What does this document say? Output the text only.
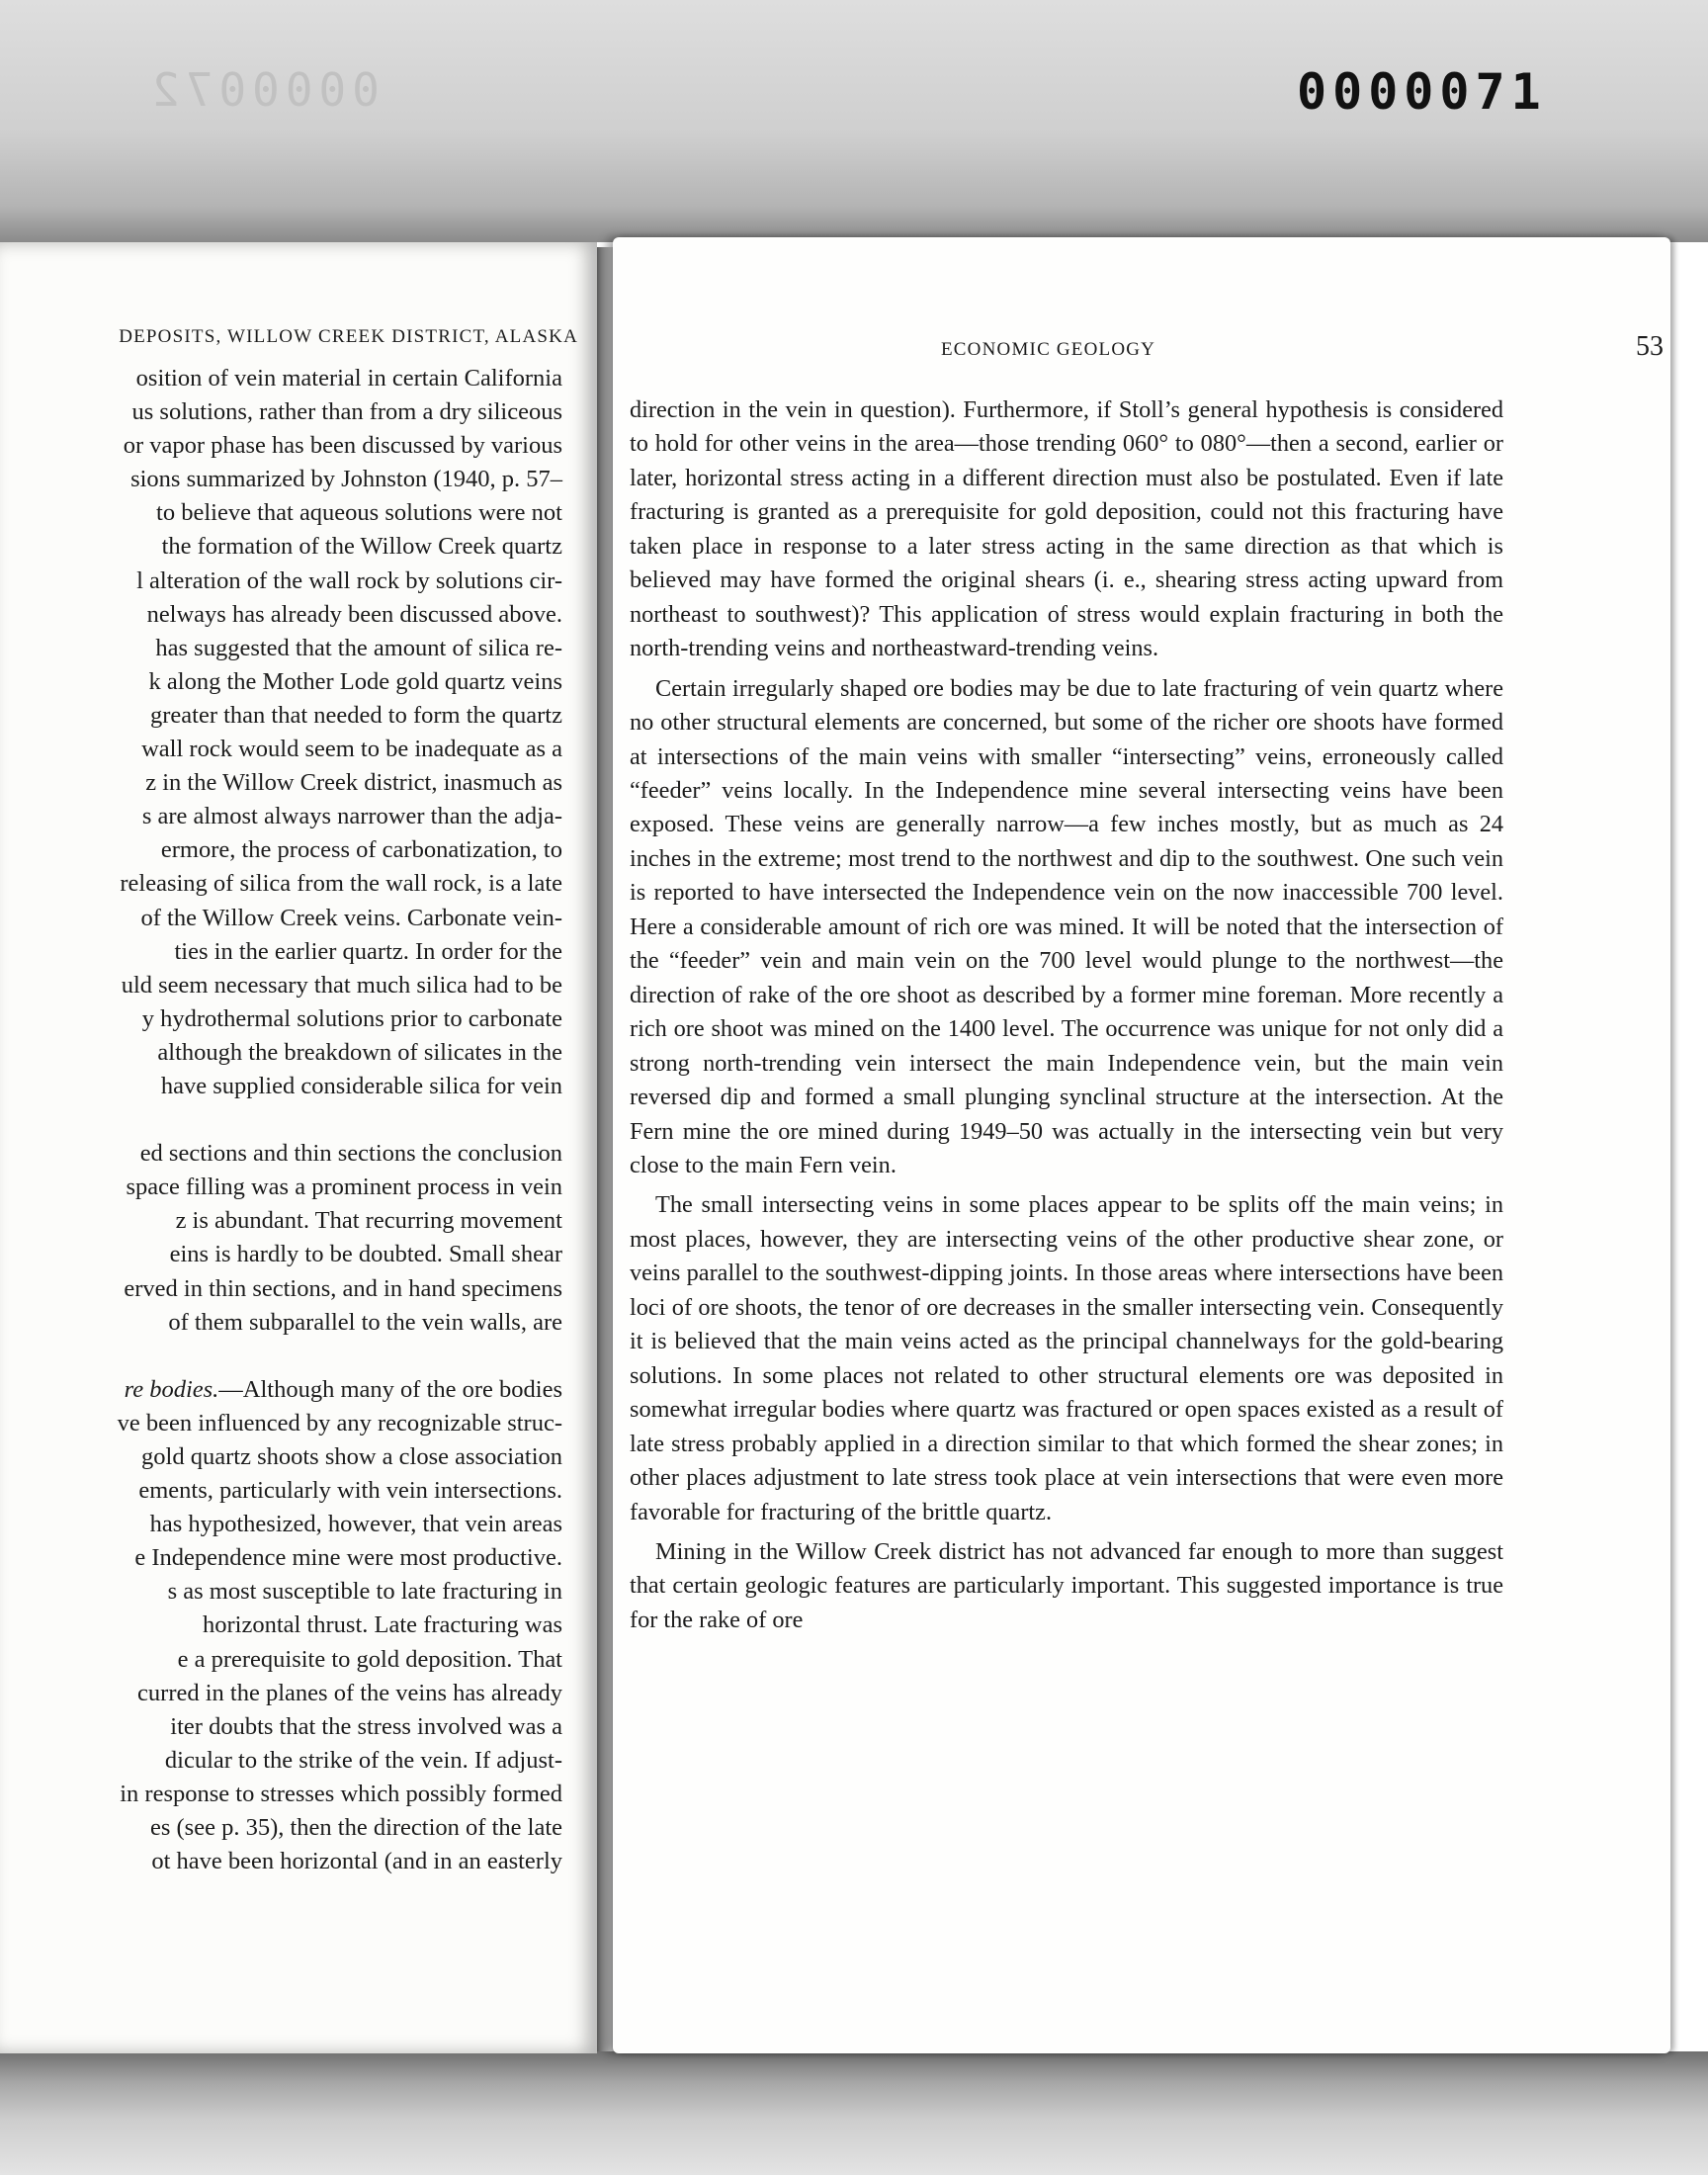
0000072	0000071
DEPOSITS, WILLOW CREEK DISTRICT, ALASKA
osition of vein material in certain California
us solutions, rather than from a dry siliceous
or vapor phase has been discussed by various
sions summarized by Johnston (1940, p. 57–
to believe that aqueous solutions were not
the formation of the Willow Creek quartz
l alteration of the wall rock by solutions cir-
nelways has already been discussed above.
has suggested that the amount of silica re-
k along the Mother Lode gold quartz veins
greater than that needed to form the quartz
wall rock would seem to be inadequate as a
z in the Willow Creek district, inasmuch as
s are almost always narrower than the adja-
ermore, the process of carbonatization, to
releasing of silica from the wall rock, is a late
of the Willow Creek veins. Carbonate vein-
ties in the earlier quartz. In order for the
uld seem necessary that much silica had to be
y hydrothermal solutions prior to carbonate
although the breakdown of silicates in the
have supplied considerable silica for vein
ed sections and thin sections the conclusion
space filling was a prominent process in vein
z is abundant. That recurring movement
eins is hardly to be doubted. Small shear
erved in thin sections, and in hand specimens
of them subparallel to the vein walls, are
re bodies.—Although many of the ore bodies
ve been influenced by any recognizable struc-
gold quartz shoots show a close association
ements, particularly with vein intersections.
has hypothesized, however, that vein areas
e Independence mine were most productive.
s as most susceptible to late fracturing in
horizontal thrust. Late fracturing was
e a prerequisite to gold deposition. That
curred in the planes of the veins has already
iter doubts that the stress involved was a
dicular to the strike of the vein. If adjust-
in response to stresses which possibly formed
es (see p. 35), then the direction of the late
ot have been horizontal (and in an easterly
ECONOMIC GEOLOGY	53

direction in the vein in question). Furthermore, if Stoll’s general hypothesis is considered to hold for other veins in the area—those trending 060° to 080°—then a second, earlier or later, horizontal stress acting in a different direction must also be postulated. Even if late fracturing is granted as a prerequisite for gold deposition, could not this fracturing have taken place in response to a later stress acting in the same direction as that which is believed may have formed the original shears (i. e., shearing stress acting upward from northeast to southwest)? This application of stress would explain fracturing in both the north-trending veins and northeastward-trending veins.

Certain irregularly shaped ore bodies may be due to late fracturing of vein quartz where no other structural elements are concerned, but some of the richer ore shoots have formed at intersections of the main veins with smaller “intersecting” veins, erroneously called “feeder” veins locally. In the Independence mine several intersecting veins have been exposed. These veins are generally narrow—a few inches mostly, but as much as 24 inches in the extreme; most trend to the northwest and dip to the southwest. One such vein is reported to have intersected the Independence vein on the now inaccessible 700 level. Here a considerable amount of rich ore was mined. It will be noted that the intersection of the “feeder” vein and main vein on the 700 level would plunge to the northwest—the direction of rake of the ore shoot as described by a former mine foreman. More recently a rich ore shoot was mined on the 1400 level. The occurrence was unique for not only did a strong north-trending vein intersect the main Independence vein, but the main vein reversed dip and formed a small plunging synclinal structure at the intersection. At the Fern mine the ore mined during 1949–50 was actually in the intersecting vein but very close to the main Fern vein.

The small intersecting veins in some places appear to be splits off the main veins; in most places, however, they are intersecting veins of the other productive shear zone, or veins parallel to the southwest-dipping joints. In those areas where intersections have been loci of ore shoots, the tenor of ore decreases in the smaller intersecting vein. Consequently it is believed that the main veins acted as the principal channelways for the gold-bearing solutions. In some places not related to other structural elements ore was deposited in somewhat irregular bodies where quartz was fractured or open spaces existed as a result of late stress probably applied in a direction similar to that which formed the shear zones; in other places adjustment to late stress took place at vein intersections that were even more favorable for fracturing of the brittle quartz.

Mining in the Willow Creek district has not advanced far enough to more than suggest that certain geologic features are particularly important. This suggested importance is true for the rake of ore
